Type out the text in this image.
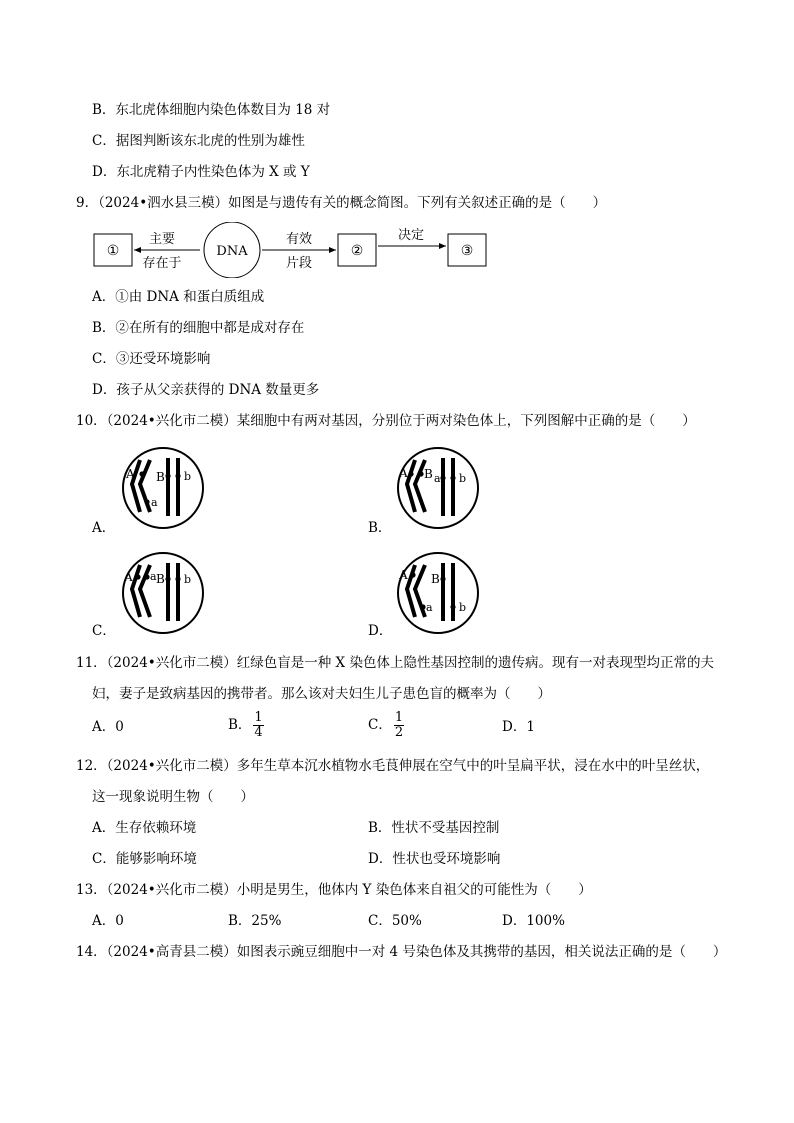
B．东北虎体细胞内染色体数目为 18 对
C．据图判断该东北虎的性别为雄性
D．东北虎精子内性染色体为 X 或 Y
9．（2024•泗水县三模）如图是与遗传有关的概念简图。下列有关叙述正确的是（　　）
①
主要
存在于
DNA
有效
片段
②
决定
③
A．①由 DNA 和蛋白质组成
B．②在所有的细胞中都是成对存在
C．③还受环境影响
D．孩子从父亲获得的 DNA 数量更多
10．（2024•兴化市二模）某细胞中有两对基因，分别位于两对染色体上，下列图解中正确的是（　　）
A
a
B b
A．
A B a b
B．
A a B b
C．
A
a
B
b
D．
11．（2024•兴化市二模）红绿色盲是一种 X 染色体上隐性基因控制的遗传病。现有一对表现型均正常的夫
妇，妻子是致病基因的携带者。那么该对夫妇生儿子患色盲的概率为（　　）
A．0	B． $\frac{1}{4}$	C． $\frac{1}{2}$	D．1
12．（2024•兴化市二模）多年生草本沉水植物水毛茛伸展在空气中的叶呈扁平状，浸在水中的叶呈丝状，
这一现象说明生物（　　）
A．生存依赖环境	B．性状不受基因控制
C．能够影响环境	D．性状也受环境影响
13．（2024•兴化市二模）小明是男生，他体内 Y 染色体来自祖父的可能性为（　　）
A．0	B．25%	C．50%	D．100%
14．（2024•高青县二模）如图表示豌豆细胞中一对 4 号染色体及其携带的基因，相关说法正确的是（　　）
